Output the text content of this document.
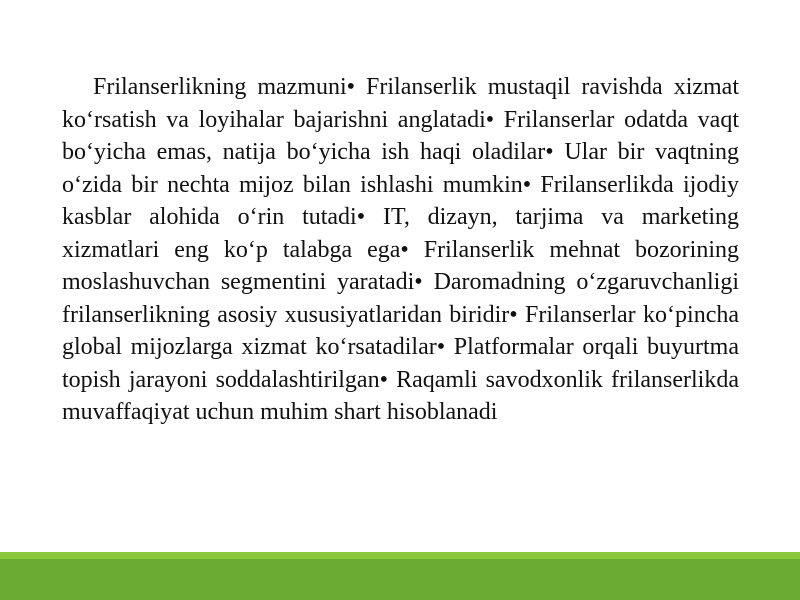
Frilanserlikning mazmuni• Frilanserlik mustaqil ravishda xizmat koʻrsatish va loyihalar bajarishni anglatadi• Frilanserlar odatda vaqt boʻyicha emas, natija boʻyicha ish haqi oladilar• Ular bir vaqtning oʻzida bir nechta mijoz bilan ishlashi mumkin• Frilanserlikda ijodiy kasblar alohida oʻrin tutadi• IT, dizayn, tarjima va marketing xizmatlari eng koʻp talabga ega• Frilanserlik mehnat bozorining moslashuvchan segmentini yaratadi• Daromadning oʻzgaruvchanligi frilanserlikning asosiy xususiyatlaridan biridir• Frilanserlar koʻpincha global mijozlarga xizmat koʻrsatadilar• Platformalar orqali buyurtma topish jarayoni soddalashtirilgan• Raqamli savodxonlik frilanserlikda muvaffaqiyat uchun muhim shart hisoblanadi
